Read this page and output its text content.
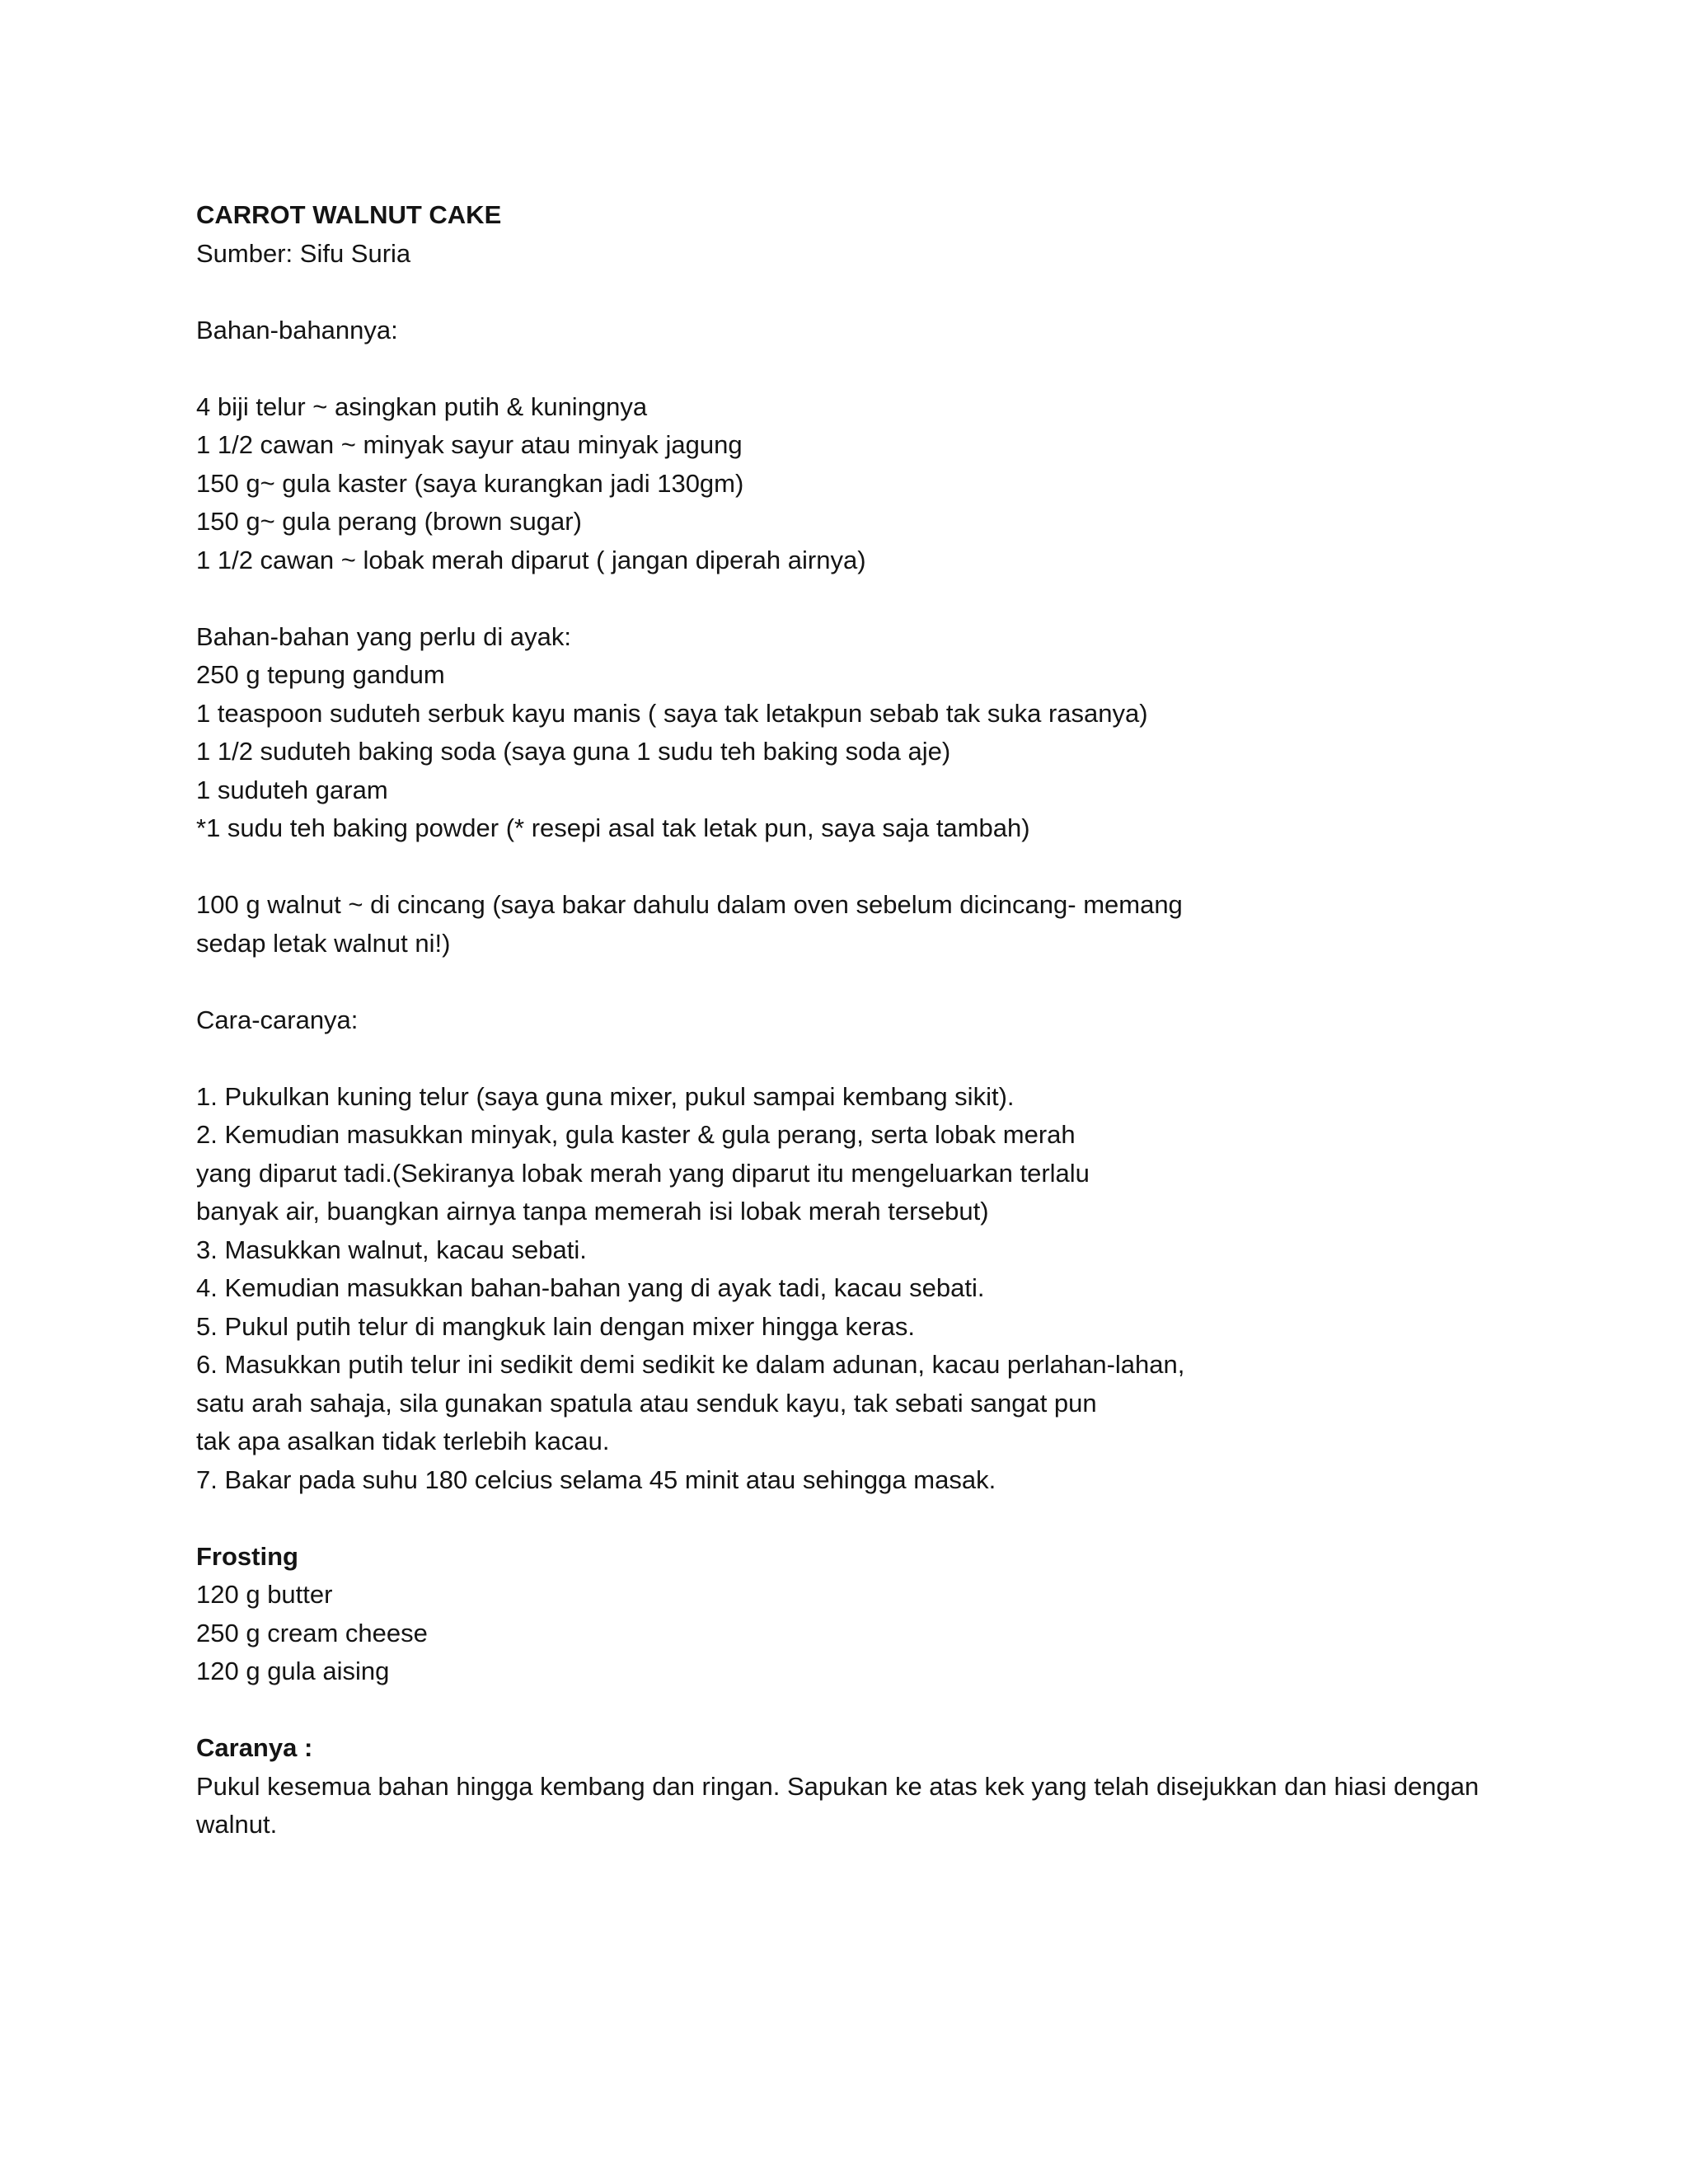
CARROT WALNUT CAKE
Sumber: Sifu Suria
Bahan-bahannya:
4 biji telur ~ asingkan putih & kuningnya
1 1/2 cawan ~ minyak sayur atau minyak jagung
150 g~ gula kaster (saya kurangkan jadi 130gm)
150 g~ gula perang (brown sugar)
1 1/2 cawan ~ lobak merah diparut ( jangan diperah airnya)
Bahan-bahan yang perlu di ayak:
250 g tepung gandum
1 teaspoon suduteh serbuk kayu manis ( saya tak letakpun sebab tak suka rasanya)
1 1/2 suduteh baking soda (saya guna 1 sudu teh baking soda aje)
1 suduteh garam
*1 sudu teh baking powder (* resepi asal tak letak pun, saya saja tambah)
100 g walnut ~ di cincang (saya bakar dahulu dalam oven sebelum dicincang- memang
sedap letak walnut ni!)
Cara-caranya:
1. Pukulkan kuning telur (saya guna mixer, pukul sampai kembang sikit).
2. Kemudian masukkan minyak, gula kaster & gula perang, serta lobak merah
yang diparut tadi.(Sekiranya lobak merah yang diparut itu mengeluarkan terlalu
banyak air, buangkan airnya tanpa memerah isi lobak merah tersebut)
3. Masukkan walnut, kacau sebati.
4. Kemudian masukkan bahan-bahan yang di ayak tadi, kacau sebati.
5. Pukul putih telur di mangkuk lain dengan mixer hingga keras.
6. Masukkan putih telur ini sedikit demi sedikit ke dalam adunan, kacau perlahan-lahan,
satu arah sahaja, sila gunakan spatula atau senduk kayu, tak sebati sangat pun
tak apa asalkan tidak terlebih kacau.
7. Bakar pada suhu 180 celcius selama 45 minit atau sehingga masak.
Frosting
120 g butter
250 g cream cheese
120 g gula aising
Caranya :
Pukul kesemua bahan hingga kembang dan ringan. Sapukan ke atas kek yang telah disejukkan dan hiasi dengan
walnut.
